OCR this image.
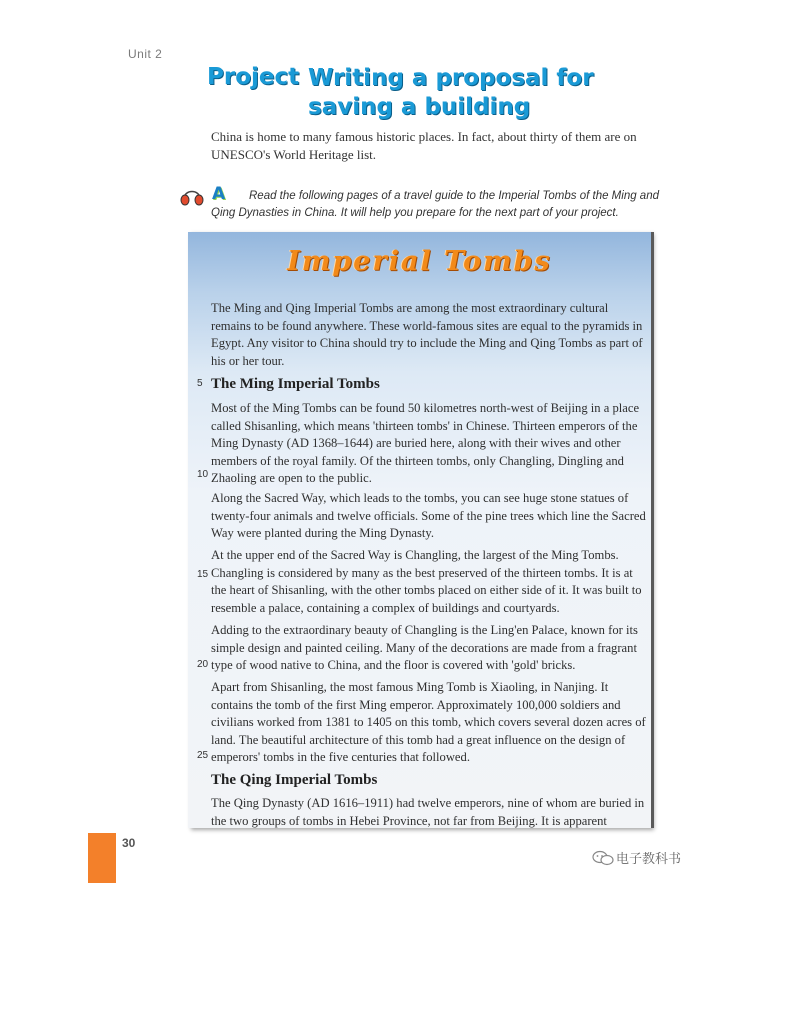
Unit 2
Project Writing a proposal for saving a building
China is home to many famous historic places. In fact, about thirty of them are on UNESCO's World Heritage list.
A	Read the following pages of a travel guide to the Imperial Tombs of the Ming and Qing Dynasties in China. It will help you prepare for the next part of your project.
Imperial Tombs
The Ming and Qing Imperial Tombs are among the most extraordinary cultural remains to be found anywhere. These world-famous sites are equal to the pyramids in Egypt. Any visitor to China should try to include the Ming and Qing Tombs as part of his or her tour.
The Ming Imperial Tombs
Most of the Ming Tombs can be found 50 kilometres north-west of Beijing in a place called Shisanling, which means 'thirteen tombs' in Chinese. Thirteen emperors of the Ming Dynasty (AD 1368–1644) are buried here, along with their wives and other members of the royal family. Of the thirteen tombs, only Changling, Dingling and Zhaoling are open to the public.
Along the Sacred Way, which leads to the tombs, you can see huge stone statues of twenty-four animals and twelve officials. Some of the pine trees which line the Sacred Way were planted during the Ming Dynasty.
At the upper end of the Sacred Way is Changling, the largest of the Ming Tombs. Changling is considered by many as the best preserved of the thirteen tombs. It is at the heart of Shisanling, with the other tombs placed on either side of it. It was built to resemble a palace, containing a complex of buildings and courtyards.
Adding to the extraordinary beauty of Changling is the Ling'en Palace, known for its simple design and painted ceiling. Many of the decorations are made from a fragrant type of wood native to China, and the floor is covered with 'gold' bricks.
Apart from Shisanling, the most famous Ming Tomb is Xiaoling, in Nanjing. It contains the tomb of the first Ming emperor. Approximately 100,000 soldiers and civilians worked from 1381 to 1405 on this tomb, which covers several dozen acres of land. The beautiful architecture of this tomb had a great influence on the design of emperors' tombs in the five centuries that followed.
The Qing Imperial Tombs
The Qing Dynasty (AD 1616–1911) had twelve emperors, nine of whom are buried in the two groups of tombs in Hebei Province, not far from Beijing. It is apparent
5
10
15
20
25
30
电子教科书
